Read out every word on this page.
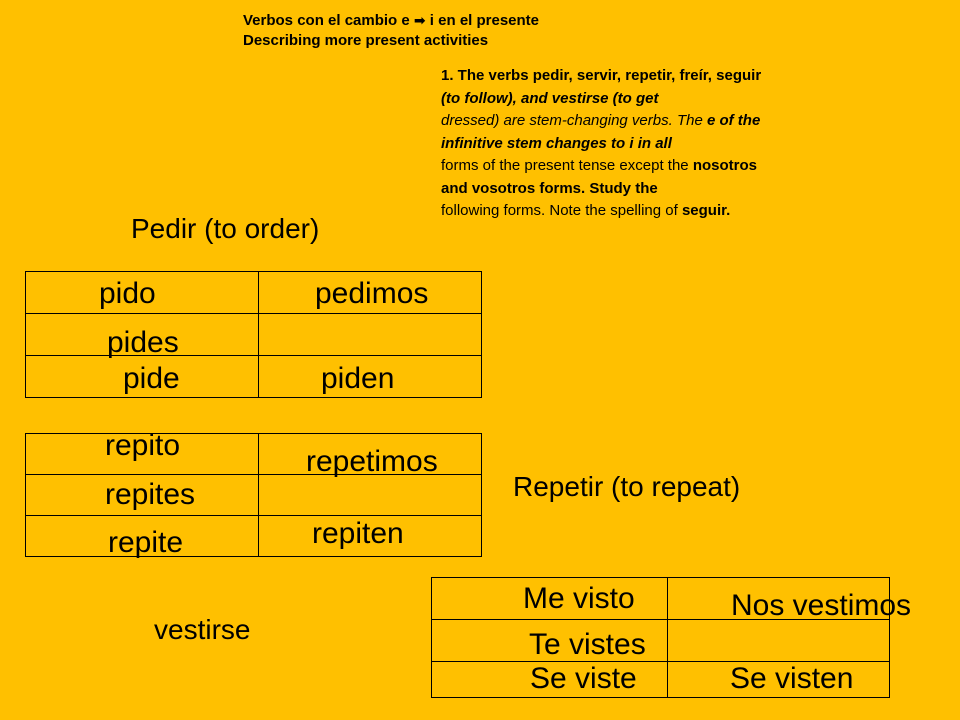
Verbos con el cambio e ➡ i en el presente
Describing more present activities
1. The verbs pedir, servir, repetir, freír, seguir
(to follow), and vestirse (to get
dressed) are stem-changing verbs. The e of the
infinitive stem changes to i in all
forms of the present tense except the nosotros
and vosotros forms. Study the
following forms. Note the spelling of seguir.
Pedir (to order)
pido	pedimos

pides	

pide	piden
repito	repetimos

repites	

repite	repiten
Repetir (to repeat)
vestirse
Me visto	Nos vestimos

Te vistes	

Se viste	Se visten
